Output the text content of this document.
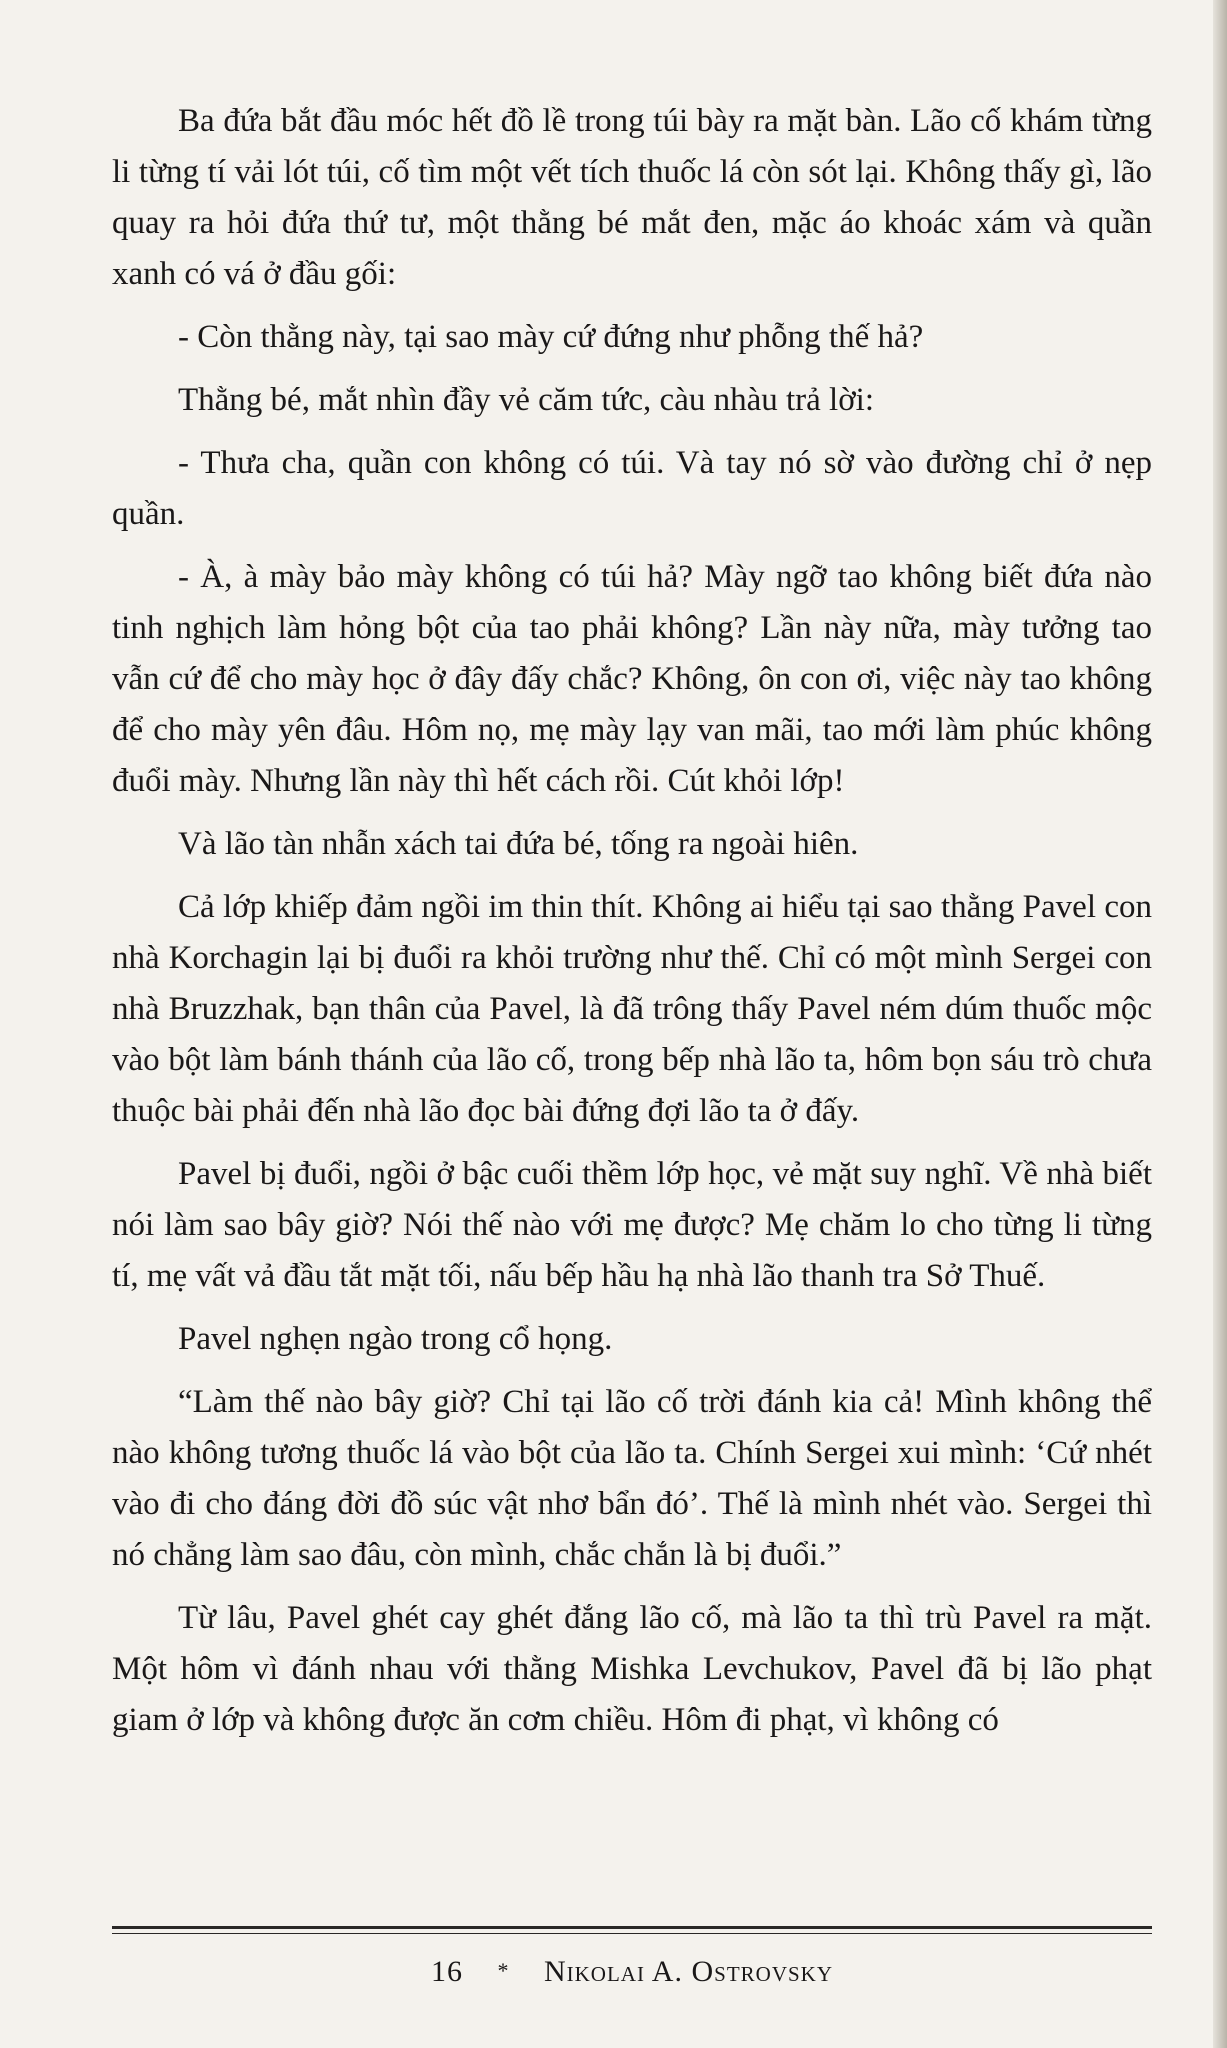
Ba đứa bắt đầu móc hết đồ lề trong túi bày ra mặt bàn. Lão cố khám từng li từng tí vải lót túi, cố tìm một vết tích thuốc lá còn sót lại. Không thấy gì, lão quay ra hỏi đứa thứ tư, một thằng bé mắt đen, mặc áo khoác xám và quần xanh có vá ở đầu gối:

- Còn thằng này, tại sao mày cứ đứng như phỗng thế hả?

Thằng bé, mắt nhìn đầy vẻ căm tức, càu nhàu trả lời:

- Thưa cha, quần con không có túi. Và tay nó sờ vào đường chỉ ở nẹp quần.

- À, à mày bảo mày không có túi hả? Mày ngỡ tao không biết đứa nào tinh nghịch làm hỏng bột của tao phải không? Lần này nữa, mày tưởng tao vẫn cứ để cho mày học ở đây đấy chắc? Không, ôn con ơi, việc này tao không để cho mày yên đâu. Hôm nọ, mẹ mày lạy van mãi, tao mới làm phúc không đuổi mày. Nhưng lần này thì hết cách rồi. Cút khỏi lớp!

Và lão tàn nhẫn xách tai đứa bé, tống ra ngoài hiên.

Cả lớp khiếp đảm ngồi im thin thít. Không ai hiểu tại sao thằng Pavel con nhà Korchagin lại bị đuổi ra khỏi trường như thế. Chỉ có một mình Sergei con nhà Bruzzhak, bạn thân của Pavel, là đã trông thấy Pavel ném dúm thuốc mộc vào bột làm bánh thánh của lão cố, trong bếp nhà lão ta, hôm bọn sáu trò chưa thuộc bài phải đến nhà lão đọc bài đứng đợi lão ta ở đấy.

Pavel bị đuổi, ngồi ở bậc cuối thềm lớp học, vẻ mặt suy nghĩ. Về nhà biết nói làm sao bây giờ? Nói thế nào với mẹ được? Mẹ chăm lo cho từng li từng tí, mẹ vất vả đầu tắt mặt tối, nấu bếp hầu hạ nhà lão thanh tra Sở Thuế.

Pavel nghẹn ngào trong cổ họng.

“Làm thế nào bây giờ? Chỉ tại lão cố trời đánh kia cả! Mình không thể nào không tương thuốc lá vào bột của lão ta. Chính Sergei xui mình: ‘Cứ nhét vào đi cho đáng đời đồ súc vật nhơ bẩn đó’. Thế là mình nhét vào. Sergei thì nó chẳng làm sao đâu, còn mình, chắc chắn là bị đuổi.”

Từ lâu, Pavel ghét cay ghét đắng lão cố, mà lão ta thì trù Pavel ra mặt. Một hôm vì đánh nhau với thằng Mishka Levchukov, Pavel đã bị lão phạt giam ở lớp và không được ăn cơm chiều. Hôm đi phạt, vì không có

16 * Nikolai A. Ostrovsky
